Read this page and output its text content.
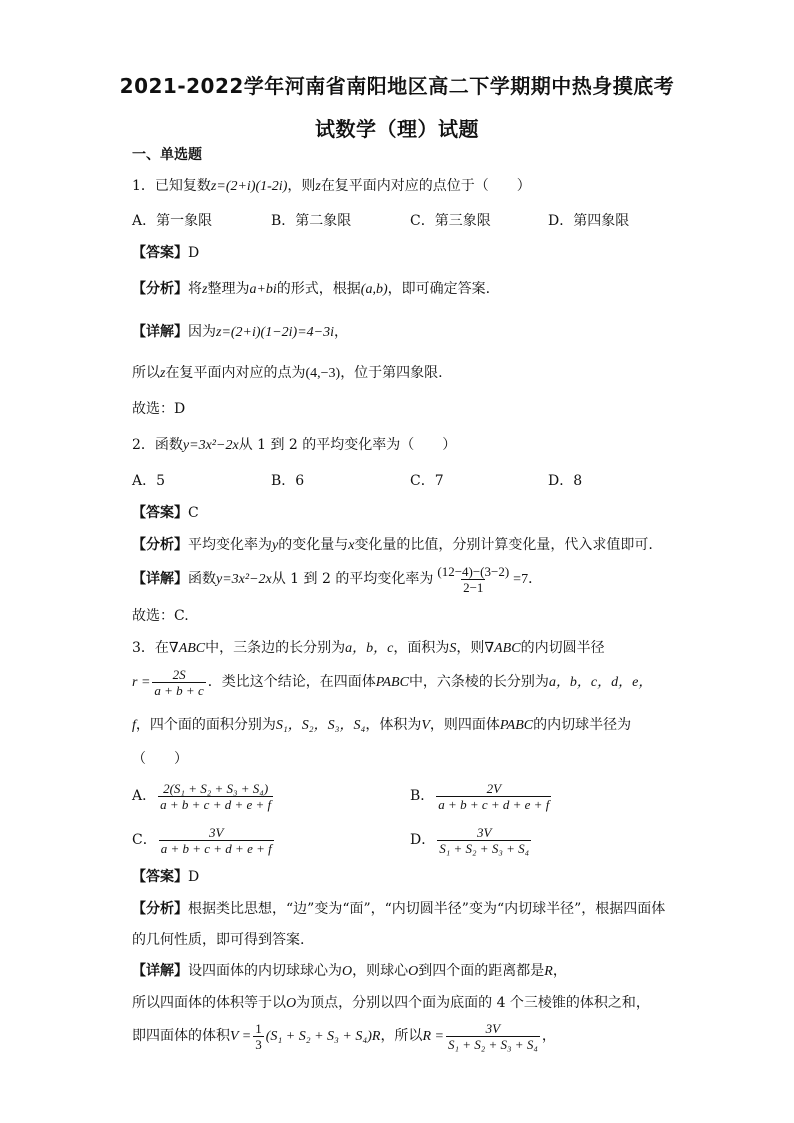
2021-2022学年河南省南阳地区高二下学期期中热身摸底考
试数学（理）试题
一、单选题
1．已知复数z=(2+i)(1-2i)，则z在复平面内对应的点位于（　　）
A．第一象限	B．第二象限	C．第三象限	D．第四象限
【答案】D
【分析】将z整理为a+bi的形式，根据(a,b)，即可确定答案.
【详解】因为z=(2+i)(1−2i)=4−3i，
所以z在复平面内对应的点为(4,−3)，位于第四象限.
故选：D
2．函数y=3x²−2x从 1 到 2 的平均变化率为（　　）
A．5	B．6	C．7	D．8
【答案】C
【分析】平均变化率为y的变化量与x变化量的比值，分别计算变化量，代入求值即可.
【详解】函数y=3x²−2x从 1 到 2 的平均变化率为 $\frac{(12-4)-(3-2)}{2-1} =7$．
故选：C.
3．在∇ABC中，三条边的长分别为a，b，c，面积为S，则∇ABC的内切圆半径
$r = \frac{2S}{a + b + c}$ ．类比这个结论，在四面体PABC中，六条棱的长分别为a，b，c，d，e，
f，四个面的面积分别为S₁，S₂，S₃，S₄，体积为V，则四面体PABC的内切球半径为
（　　）
A． $\frac{\text{2(S₁ + S₂ + S₃ + S₄)}}{a + b + c + d + e + f}$	B． $\frac{2V}{a + b + c + d + e + f}$
C． $\frac{3V}{a + b + c + d + e + f}$	D． $\frac{3V}{\text{S₁ + S₂ + S₃ + S₄}}$
【答案】D
【分析】根据类比思想，“边”变为“面”，“内切圆半径”变为“内切球半径”，根据四面体
的几何性质，即可得到答案.
【详解】设四面体的内切球球心为O，则球心O到四个面的距离都是R，
所以四面体的体积等于以O为顶点，分别以四个面为底面的 4 个三棱锥的体积之和，
即四面体的体积$V = \frac{1}{3} (S_1 + S_2 + S_3 + S_4)R$，所以$R = \frac{3V}{\text{S₁ + S₂ + S₃ + S₄}}$ ，
